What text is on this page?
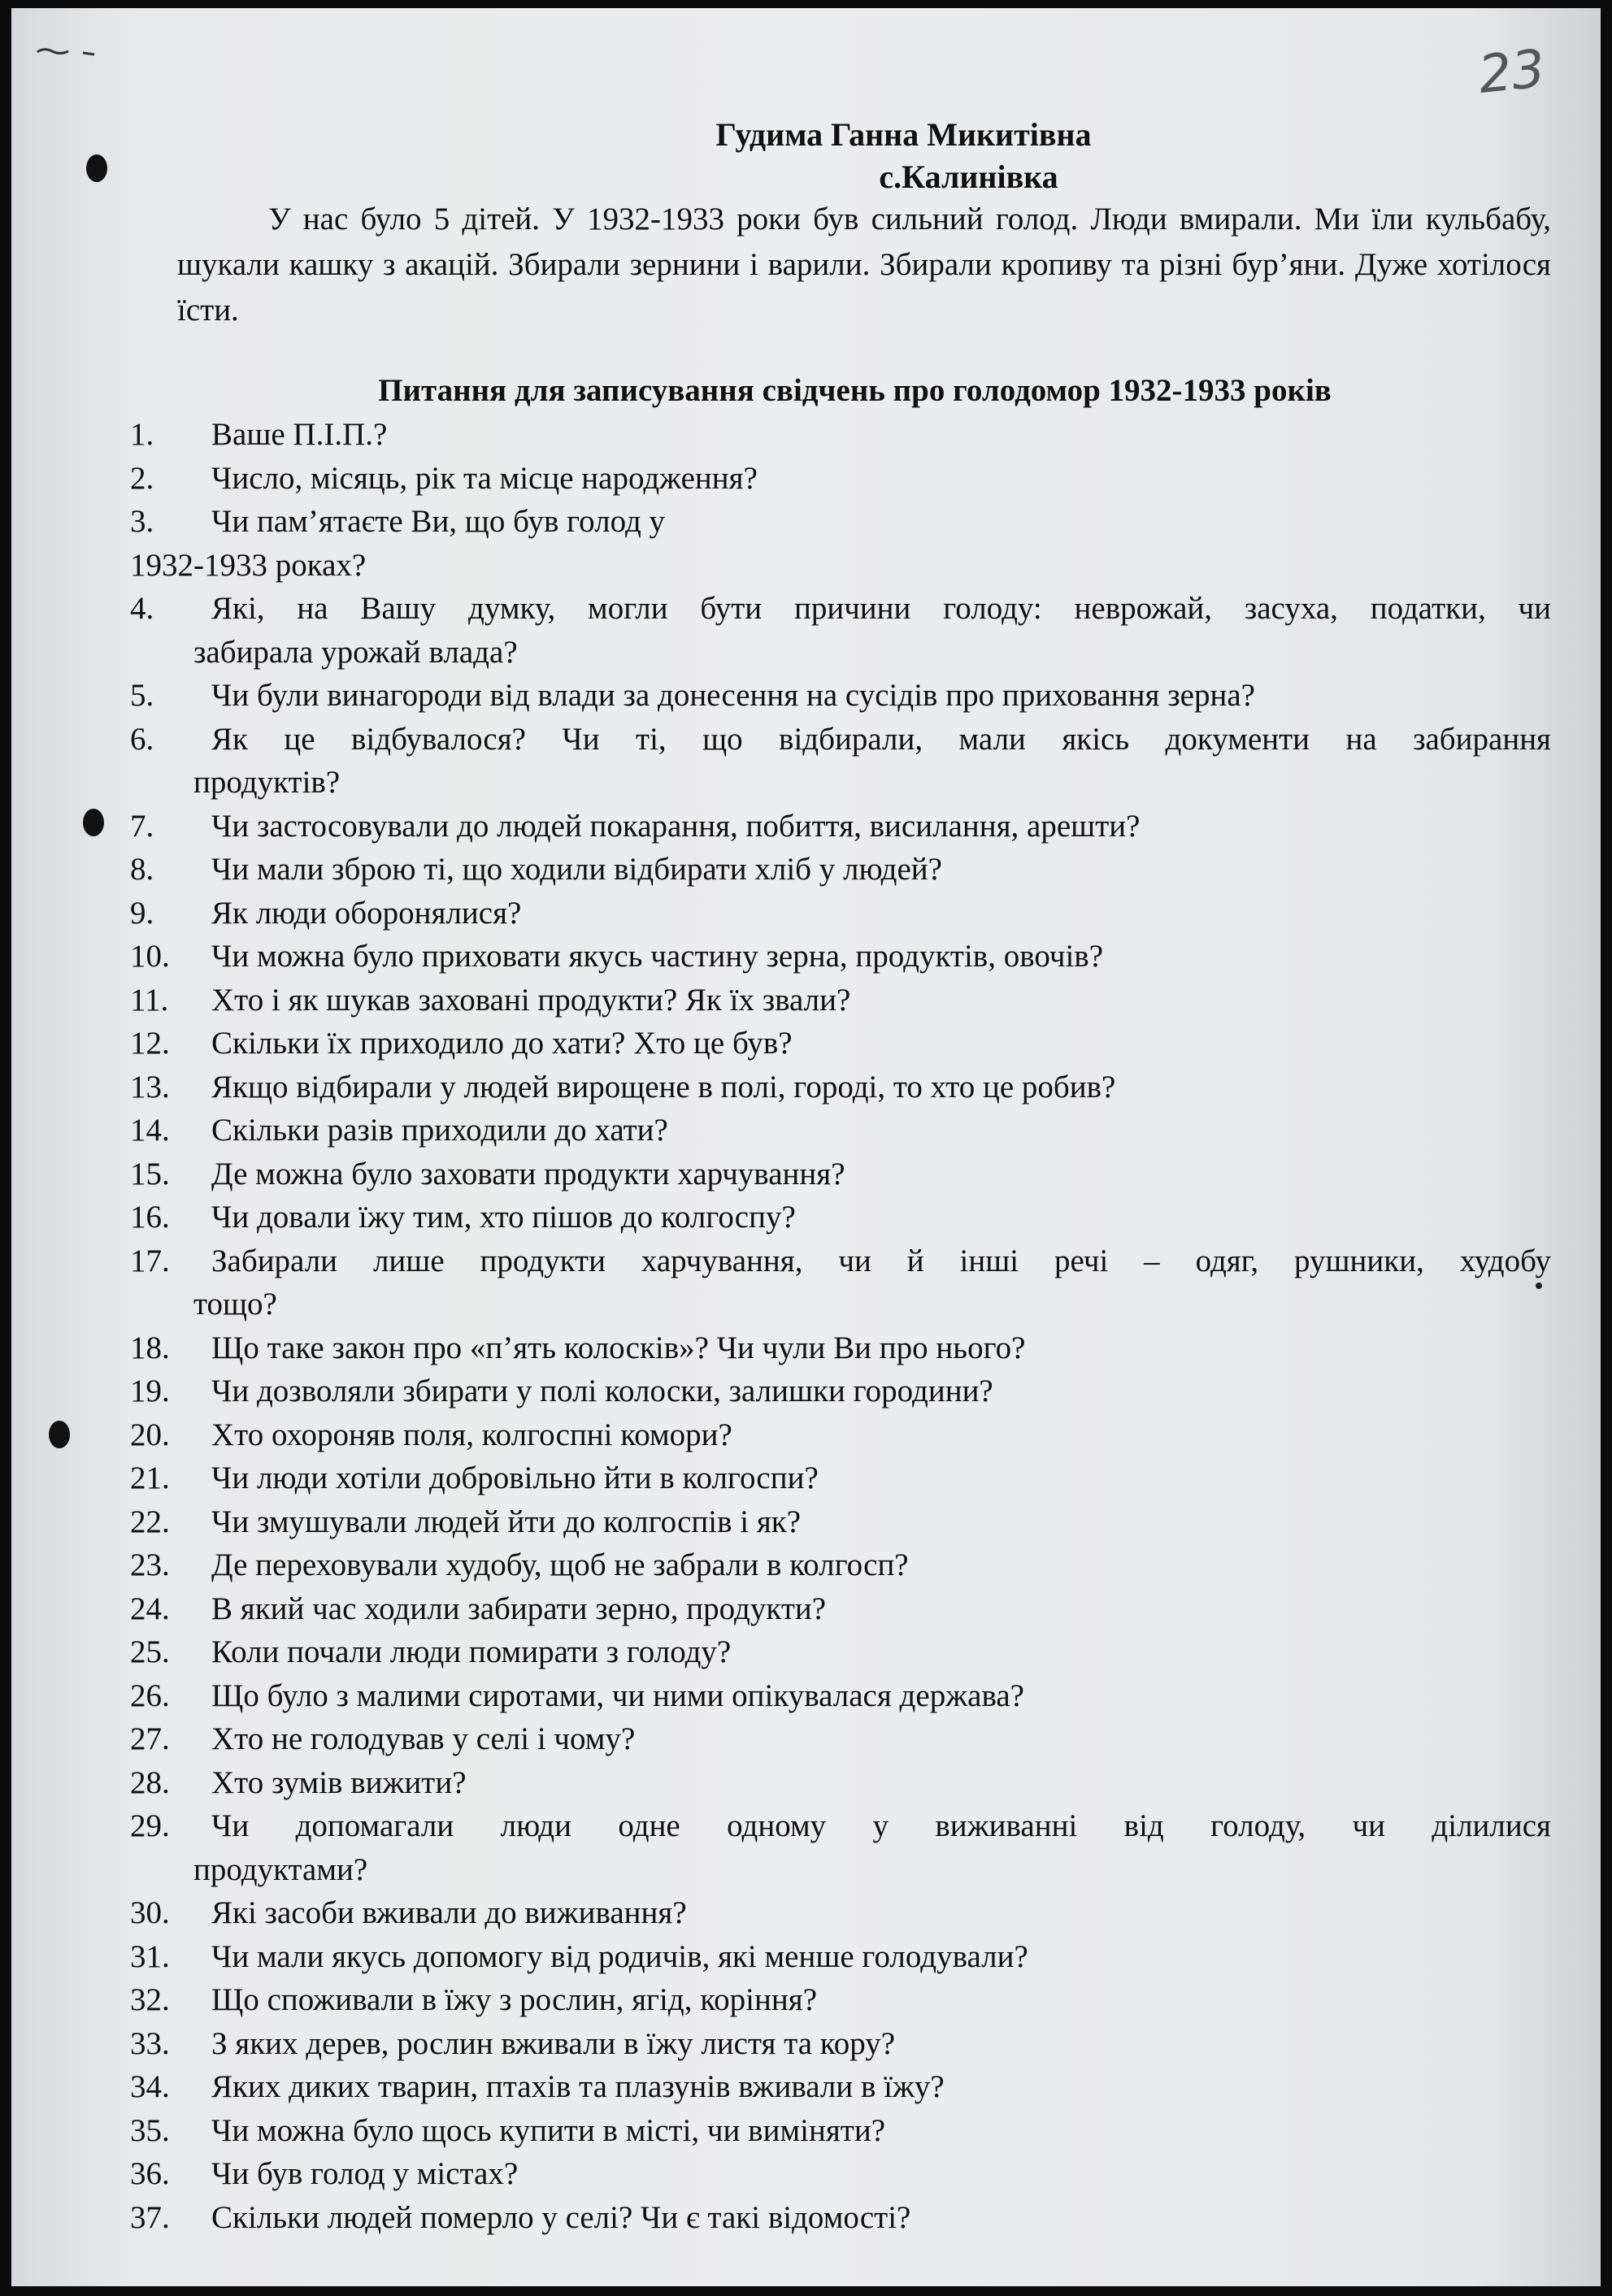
23
Гудима Ганна Микитівна
с.Калинівка

У нас було 5 дітей. У 1932-1933 роки був сильний голод. Люди вмирали. Ми їли кульбабу, шукали кашку з акацій. Збирали зернини і варили. Збирали кропиву та різні бур’яни. Дуже хотілося їсти.

Питання для записування свідчень про голодомор 1932-1933 років
1. Ваше П.І.П.?
2. Число, місяць, рік та місце народження?
3. Чи пам’ятаєте Ви, що був голод у
1932-1933 роках?
4. Які, на Вашу думку, могли бути причини голоду: неврожай, засуха, податки, чи
забирала урожай влада?
5. Чи були винагороди від влади за донесення на сусідів про приховання зерна?
6. Як це відбувалося? Чи ті, що відбирали, мали якісь документи на забирання
продуктів?
7. Чи застосовували до людей покарання, побиття, висилання, арешти?
8. Чи мали зброю ті, що ходили відбирати хліб у людей?
9. Як люди оборонялися?
10. Чи можна було приховати якусь частину зерна, продуктів, овочів?
11. Хто і як шукав заховані продукти? Як їх звали?
12. Скільки їх приходило до хати? Хто це був?
13. Якщо відбирали у людей вирощене в полі, городі, то хто це робив?
14. Скільки разів приходили до хати?
15. Де можна було заховати продукти харчування?
16. Чи довали їжу тим, хто пішов до колгоспу?
17. Забирали лише продукти харчування, чи й інші речі – одяг, рушники, худобу
тощо?
18. Що таке закон про «п’ять колосків»? Чи чули Ви про нього?
19. Чи дозволяли збирати у полі колоски, залишки городини?
20. Хто охороняв поля, колгоспні комори?
21. Чи люди хотіли добровільно йти в колгоспи?
22. Чи змушували людей йти до колгоспів і як?
23. Де переховували худобу, щоб не забрали в колгосп?
24. В який час ходили забирати зерно, продукти?
25. Коли почали люди помирати з голоду?
26. Що було з малими сиротами, чи ними опікувалася держава?
27. Хто не голодував у селі і чому?
28. Хто зумів вижити?
29. Чи допомагали люди одне одному у виживанні від голоду, чи ділилися
продуктами?
30. Які засоби вживали до виживання?
31. Чи мали якусь допомогу від родичів, які менше голодували?
32. Що споживали в їжу з рослин, ягід, коріння?
33. З яких дерев, рослин вживали в їжу листя та кору?
34. Яких диких тварин, птахів та плазунів вживали в їжу?
35. Чи можна було щось купити в місті, чи виміняти?
36. Чи був голод у містах?
37. Скільки людей померло у селі? Чи є такі відомості?
